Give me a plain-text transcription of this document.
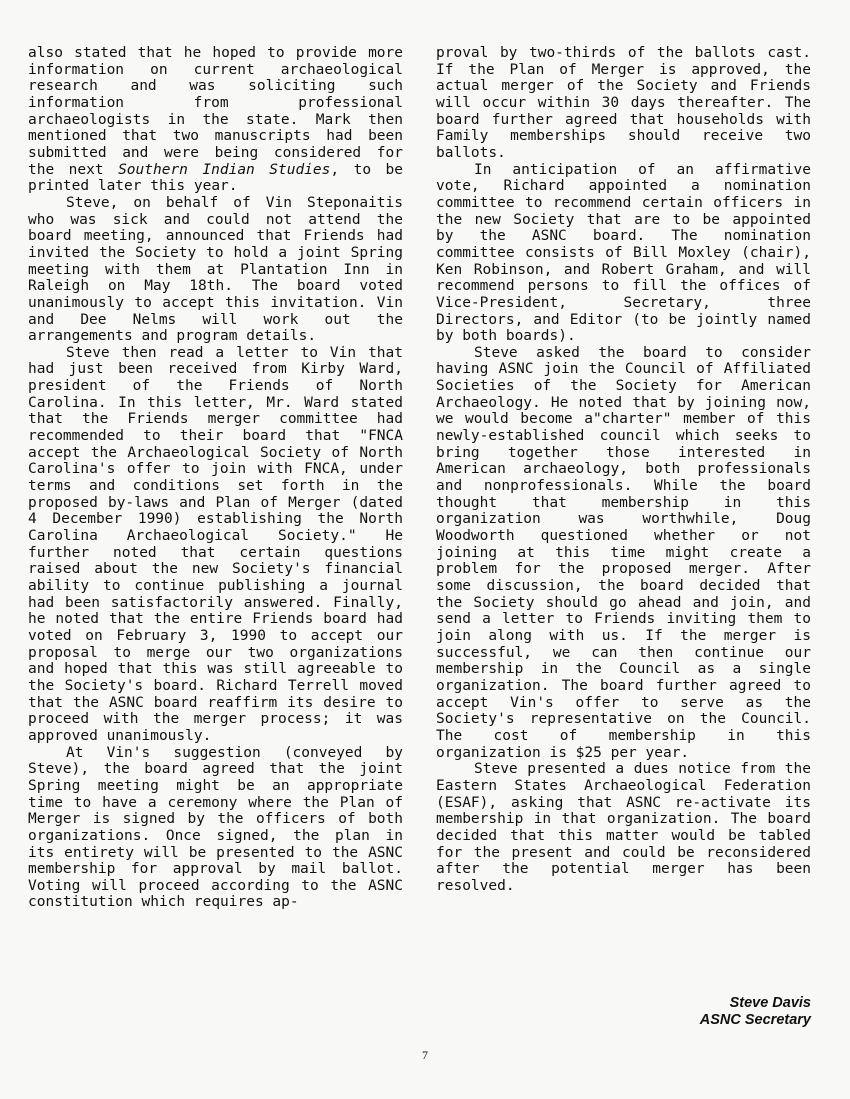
also stated that he hoped to provide more information on current archaeological research and was soliciting such information from professional archaeologists in the state. Mark then mentioned that two manuscripts had been submitted and were being considered for the next Southern Indian Studies, to be printed later this year.

Steve, on behalf of Vin Steponaitis who was sick and could not attend the board meeting, announced that Friends had invited the Society to hold a joint Spring meeting with them at Plantation Inn in Raleigh on May 18th. The board voted unanimously to accept this invitation. Vin and Dee Nelms will work out the arrangements and program details.

Steve then read a letter to Vin that had just been received from Kirby Ward, president of the Friends of North Carolina. In this letter, Mr. Ward stated that the Friends merger committee had recommended to their board that "FNCA accept the Archaeological Society of North Carolina's offer to join with FNCA, under terms and conditions set forth in the proposed by-laws and Plan of Merger (dated 4 December 1990) establishing the North Carolina Archaeological Society." He further noted that certain questions raised about the new Society's financial ability to continue publishing a journal had been satisfactorily answered. Finally, he noted that the entire Friends board had voted on February 3, 1990 to accept our proposal to merge our two organizations and hoped that this was still agreeable to the Society's board. Richard Terrell moved that the ASNC board reaffirm its desire to proceed with the merger process; it was approved unanimously.

At Vin's suggestion (conveyed by Steve), the board agreed that the joint Spring meeting might be an appropriate time to have a ceremony where the Plan of Merger is signed by the officers of both organizations. Once signed, the plan in its entirety will be presented to the ASNC membership for approval by mail ballot. Voting will proceed according to the ASNC constitution which requires ap-

proval by two-thirds of the ballots cast. If the Plan of Merger is approved, the actual merger of the Society and Friends will occur within 30 days thereafter. The board further agreed that households with Family memberships should receive two ballots.

In anticipation of an affirmative vote, Richard appointed a nomination committee to recommend certain officers in the new Society that are to be appointed by the ASNC board. The nomination committee consists of Bill Moxley (chair), Ken Robinson, and Robert Graham, and will recommend persons to fill the offices of Vice-President, Secretary, three Directors, and Editor (to be jointly named by both boards).

Steve asked the board to consider having ASNC join the Council of Affiliated Societies of the Society for American Archaeology. He noted that by joining now, we would become a"charter" member of this newly-established council which seeks to bring together those interested in American archaeology, both professionals and nonprofessionals. While the board thought that membership in this organization was worthwhile, Doug Woodworth questioned whether or not joining at this time might create a problem for the proposed merger. After some discussion, the board decided that the Society should go ahead and join, and send a letter to Friends inviting them to join along with us. If the merger is successful, we can then continue our membership in the Council as a single organization. The board further agreed to accept Vin's offer to serve as the Society's representative on the Council. The cost of membership in this organization is $25 per year.

Steve presented a dues notice from the Eastern States Archaeological Federation (ESAF), asking that ASNC re-activate its membership in that organization. The board decided that this matter would be tabled for the present and could be reconsidered after the potential merger has been resolved.

Steve Davis
ASNC Secretary
7
